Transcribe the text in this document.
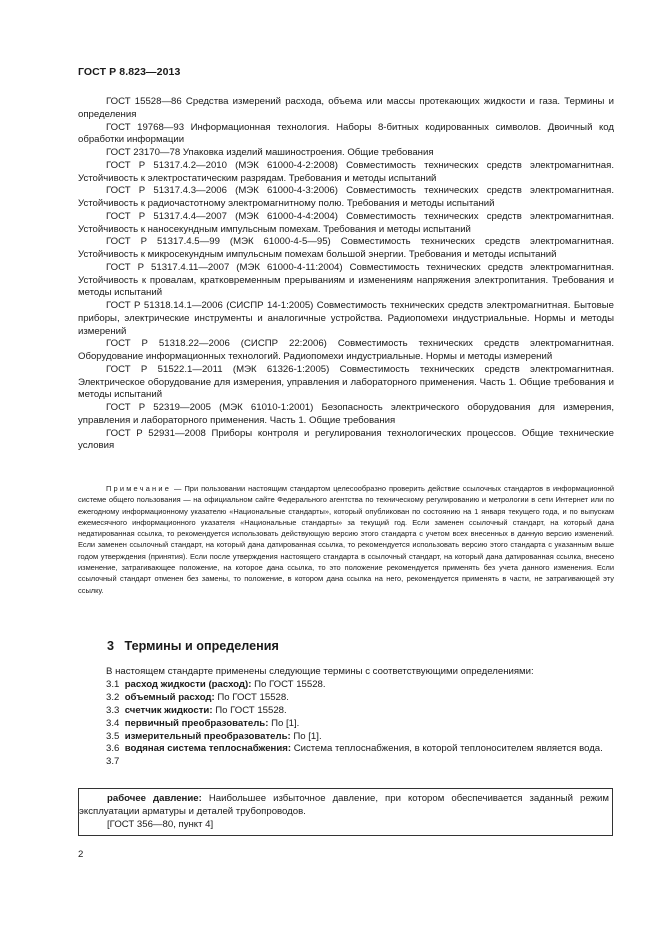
ГОСТ Р 8.823—2013

ГОСТ 15528—86 Средства измерений расхода, объема или массы протекающих жидкости и газа. Термины и определения

ГОСТ 19768—93 Информационная технология. Наборы 8-битных кодированных символов. Двоичный код обработки информации

ГОСТ 23170—78 Упаковка изделий машиностроения. Общие требования

ГОСТ Р 51317.4.2—2010 (МЭК 61000-4-2:2008) Совместимость технических средств электромагнитная. Устойчивость к электростатическим разрядам. Требования и методы испытаний

ГОСТ Р 51317.4.3—2006 (МЭК 61000-4-3:2006) Совместимость технических средств электромагнитная. Устойчивость к радиочастотному электромагнитному полю. Требования и методы испытаний

ГОСТ Р 51317.4.4—2007 (МЭК 61000-4-4:2004) Совместимость технических средств электромагнитная. Устойчивость к наносекундным импульсным помехам. Требования и методы испытаний

ГОСТ Р 51317.4.5—99 (МЭК 61000-4-5—95) Совместимость технических средств электромагнитная. Устойчивость к микросекундным импульсным помехам большой энергии. Требования и методы испытаний

ГОСТ Р 51317.4.11—2007 (МЭК 61000-4-11:2004) Совместимость технических средств электромагнитная. Устойчивость к провалам, кратковременным прерываниям и изменениям напряжения электропитания. Требования и методы испытаний

ГОСТ Р 51318.14.1—2006 (СИСПР 14-1:2005) Совместимость технических средств электромагнитная. Бытовые приборы, электрические инструменты и аналогичные устройства. Радиопомехи индустриальные. Нормы и методы измерений

ГОСТ Р 51318.22—2006 (СИСПР 22:2006) Совместимость технических средств электромагнитная. Оборудование информационных технологий. Радиопомехи индустриальные. Нормы и методы измерений

ГОСТ Р 51522.1—2011 (МЭК 61326-1:2005) Совместимость технических средств электромагнитная. Электрическое оборудование для измерения, управления и лабораторного применения. Часть 1. Общие требования и методы испытаний

ГОСТ Р 52319—2005 (МЭК 61010-1:2001) Безопасность электрического оборудования для измерения, управления и лабораторного применения. Часть 1. Общие требования

ГОСТ Р 52931—2008 Приборы контроля и регулирования технологических процессов. Общие технические условия

Примечание — При пользовании настоящим стандартом целесообразно проверить действие ссылочных стандартов в информационной системе общего пользования — на официальном сайте Федерального агентства по техническому регулированию и метрологии в сети Интернет или по ежегодному информационному указателю «Национальные стандарты», который опубликован по состоянию на 1 января текущего года, и по выпускам ежемесячного информационного указателя «Национальные стандарты» за текущий год. Если заменен ссылочный стандарт, на который дана недатированная ссылка, то рекомендуется использовать действующую версию этого стандарта с учетом всех внесенных в данную версию изменений. Если заменен ссылочный стандарт, на который дана датированная ссылка, то рекомендуется использовать версию этого стандарта с указанным выше годом утверждения (принятия). Если после утверждения настоящего стандарта в ссылочный стандарт, на который дана датированная ссылка, внесено изменение, затрагивающее положение, на которое дана ссылка, то это положение рекомендуется применять без учета данного изменения. Если ссылочный стандарт отменен без замены, то положение, в котором дана ссылка на него, рекомендуется применять в части, не затрагивающей эту ссылку.

3 Термины и определения

В настоящем стандарте применены следующие термины с соответствующими определениями:

3.1 расход жидкости (расход): По ГОСТ 15528.

3.2 объемный расход: По ГОСТ 15528.

3.3 счетчик жидкости: По ГОСТ 15528.

3.4 первичный преобразователь: По [1].

3.5 измерительный преобразователь: По [1].

3.6 водяная система теплоснабжения: Система теплоснабжения, в которой теплоносителем является вода.

3.7

рабочее давление: Наибольшее избыточное давление, при котором обеспечивается заданный режим эксплуатации арматуры и деталей трубопроводов.

[ГОСТ 356—80, пункт 4]

2
